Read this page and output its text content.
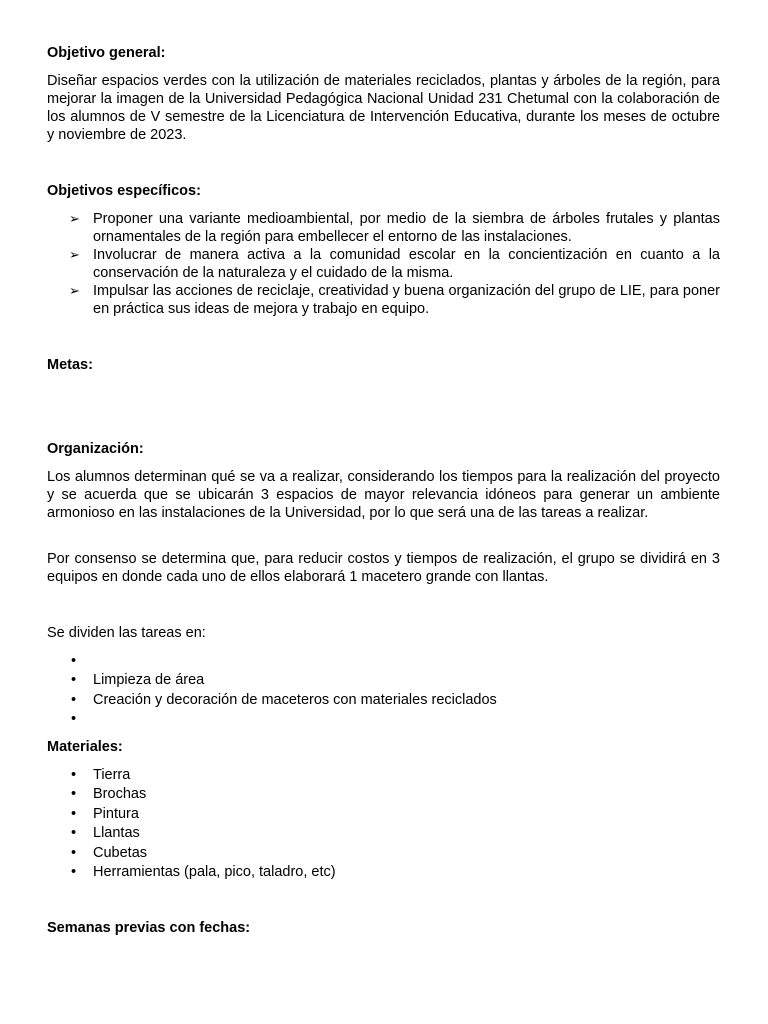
Objetivo general:

Diseñar espacios verdes con la utilización de materiales reciclados, plantas y árboles de la región, para mejorar la imagen de la Universidad Pedagógica Nacional Unidad 231 Chetumal con la colaboración de los alumnos de V semestre de la Licenciatura de Intervención Educativa, durante los meses de octubre y noviembre de 2023.

Objetivos específicos:
➢ Proponer una variante medioambiental, por medio de la siembra de árboles frutales y plantas ornamentales de la región para embellecer el entorno de las instalaciones.
➢ Involucrar de manera activa a la comunidad escolar en la concientización en cuanto a la conservación de la naturaleza y el cuidado de la misma.
➢ Impulsar las acciones de reciclaje, creatividad y buena organización del grupo de LIE, para poner en práctica sus ideas de mejora y trabajo en equipo.
Metas:
Organización:

Los alumnos determinan qué se va a realizar, considerando los tiempos para la realización del proyecto y se acuerda que se ubicarán 3 espacios de mayor relevancia idóneos para generar un ambiente armonioso en las instalaciones de la Universidad, por lo que será una de las tareas a realizar.

Por consenso se determina que, para reducir costos y tiempos de realización, el grupo se dividirá en 3 equipos en donde cada uno de ellos elaborará 1 macetero grande con llantas.

Se dividen las tareas en:
•
• Limpieza de área
• Creación y decoración de maceteros con materiales reciclados
•
Materiales:
• Tierra
• Brochas
• Pintura
• Llantas
• Cubetas
• Herramientas (pala, pico, taladro, etc)
Semanas previas con fechas:
